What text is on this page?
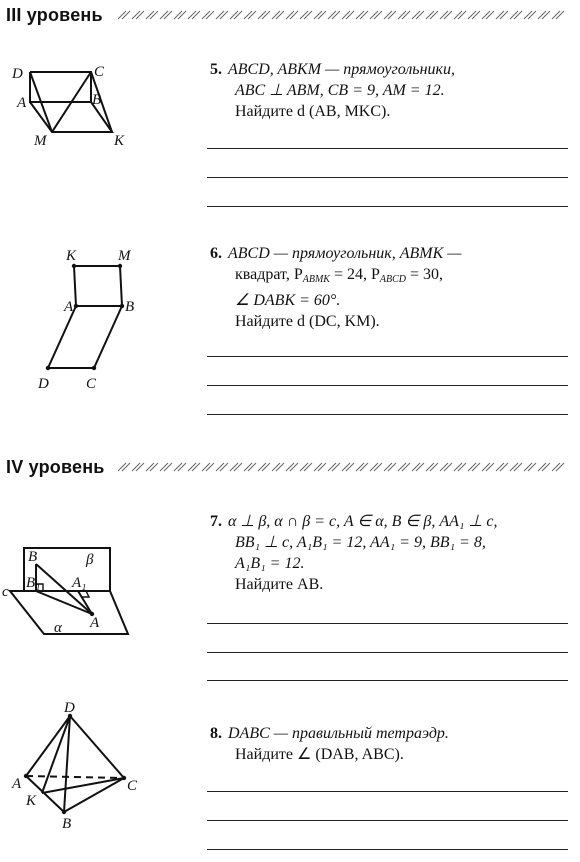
III уровень
5. ABCD, ABKM — прямоугольники,
ABC ⊥ ABM, CB = 9, AM = 12.
Найдите d (AB, MKC).
D	C
A	B
M	K
6. ABCD — прямоугольник, ABMK —
квадрат, $P_{ABMK} = 24$, $P_{ABCD} = 30$,
∠ DABK = 60°.
Найдите d (DC, KM).
K	M
A	B
D C
IV уровень
7. α ⊥ β, α ∩ β = c, A ∈ α, B ∈ β, AA₁ ⊥ c,
BB₁ ⊥ c, A₁B₁ = 12, AA₁ = 9, BB₁ = 8,
A₁B₁ = 12.
Найдите AB.
B	β
B₁ A₁
c
A
α
8. DABC — правильный тетраэдр.
Найдите ∠ (DAB, ABC).
D
A	C
K
B
